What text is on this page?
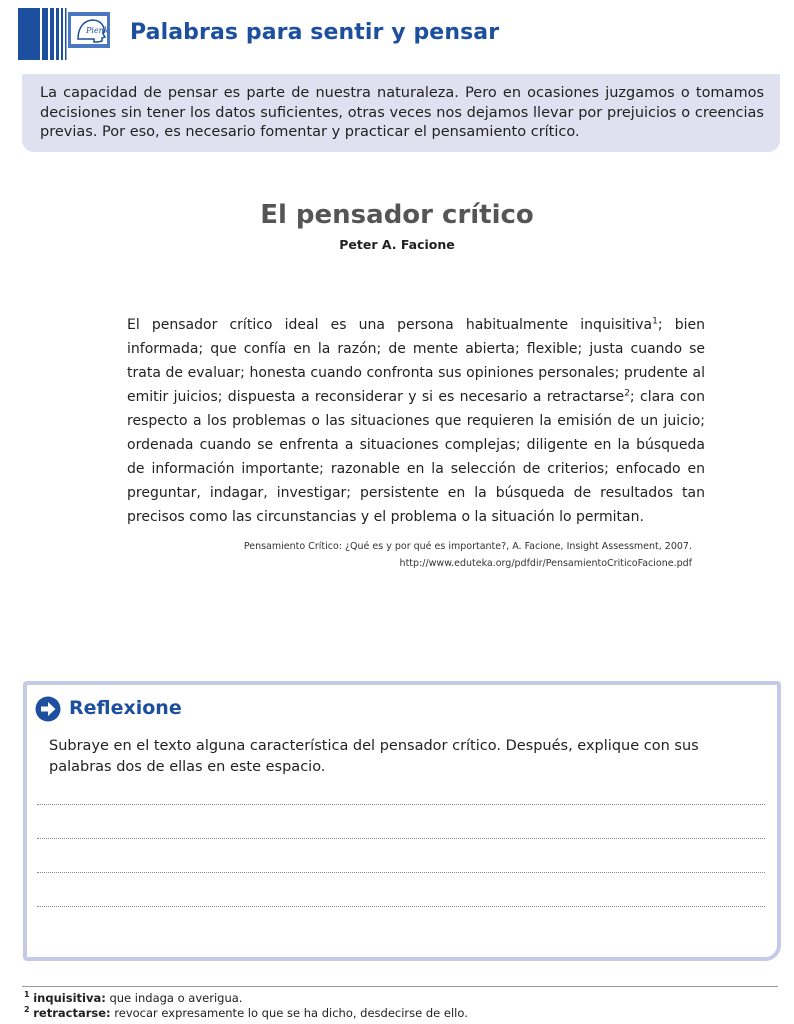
Pienk Palabras para sentir y pensar

La capacidad de pensar es parte de nuestra naturaleza. Pero en ocasiones juzgamos o tomamos decisiones sin tener los datos suficientes, otras veces nos dejamos llevar por prejuicios o creencias previas. Por eso, es necesario fomentar y practicar el pensamiento crítico.

El pensador crítico
Peter A. Facione
El pensador crítico ideal es una persona habitualmente inquisitiva$^1$; bien informada; que confía en la razón; de mente abierta; flexible; justa cuando se trata de evaluar; honesta cuando confronta sus opiniones personales; prudente al emitir juicios; dispuesta a reconsiderar y si es necesario a retractarse$^2$; clara con respecto a los problemas o las situaciones que requieren la emisión de un juicio; ordenada cuando se enfrenta a situaciones complejas; diligente en la búsqueda de información importante; razonable en la selección de criterios; enfocado en preguntar, indagar, investigar; persistente en la búsqueda de resultados tan precisos como las circunstancias y el problema o la situación lo permitan.
Pensamiento Crítico: ¿Qué es y por qué es importante?, A. Facione, Insight Assessment, 2007.
http://www.eduteka.org/pdfdir/PensamientoCriticoFacione.pdf
Reflexione
Subraye en el texto alguna característica del pensador crítico. Después, explique con sus palabras dos de ellas en este espacio.
$^1$ inquisitiva: que indaga o averigua.
$^2$ retractarse: revocar expresamente lo que se ha dicho, desdecirse de ello.
